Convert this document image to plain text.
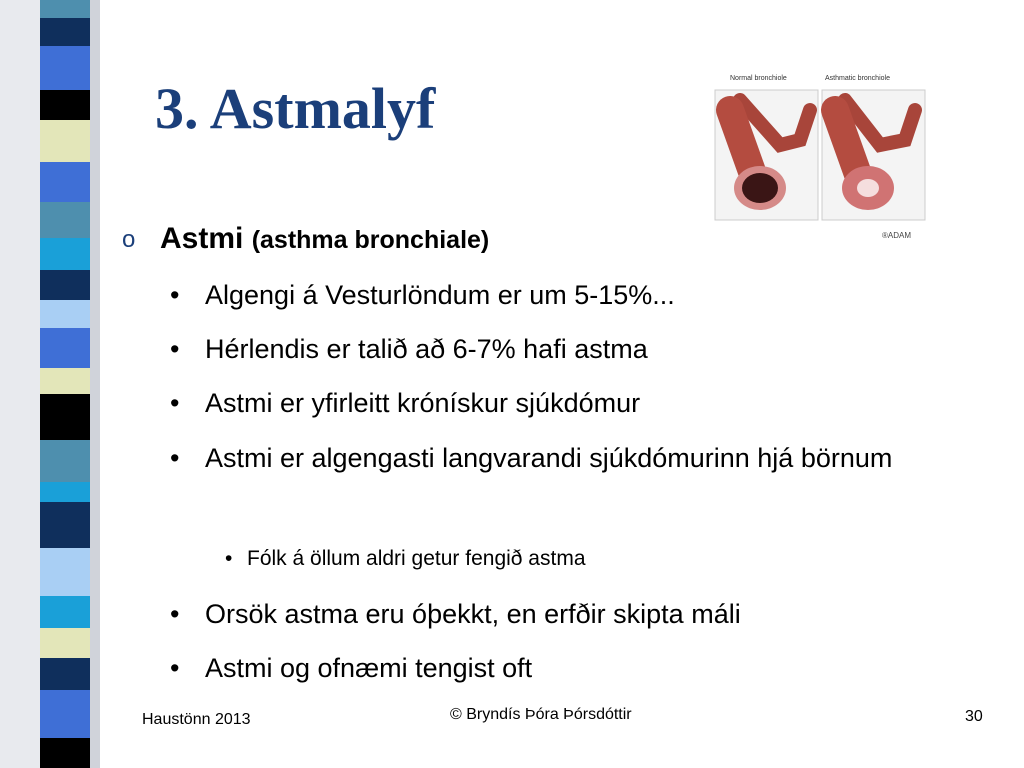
3. Astmalyf	Normal bronchiole	Asthmatic bronchiole
®ADAM
o Astmi (asthma bronchiale)
• Algengi á Vesturlöndum er um 5-15%...
• Hérlendis er talið að 6-7% hafi astma
• Astmi er yfirleitt krónískur sjúkdómur
• Astmi er algengasti langvarandi sjúkdómurinn hjá börnum
• Fólk á öllum aldri getur fengið astma
• Orsök astma eru óþekkt, en erfðir skipta máli
• Astmi og ofnæmi tengist oft
Haustönn 2013	© Bryndís Þóra Þórsdóttir	30
